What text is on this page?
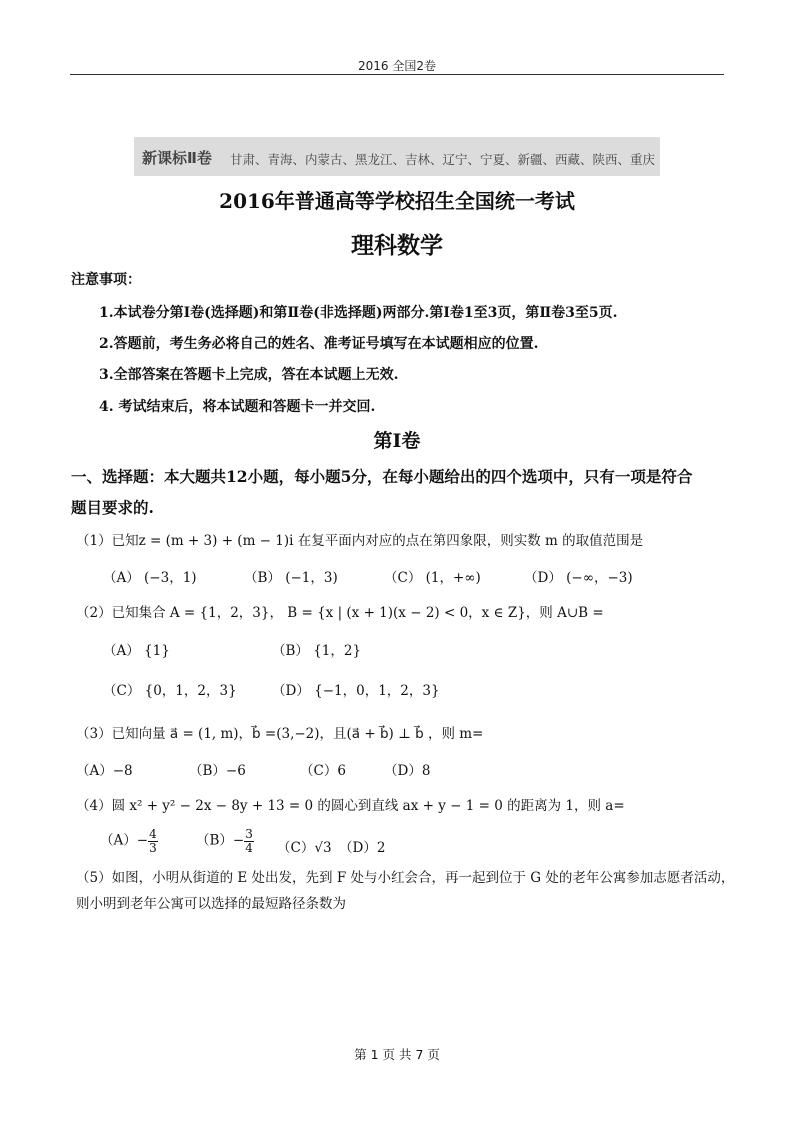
2016 全国2卷
新课标Ⅱ卷 甘肃、青海、内蒙古、黑龙江、吉林、辽宁、宁夏、新疆、西藏、陕西、重庆
2016年普通高等学校招生全国统一考试
理科数学
注意事项：
1.本试卷分第Ⅰ卷(选择题)和第Ⅱ卷(非选择题)两部分.第Ⅰ卷1至3页，第Ⅱ卷3至5页.
2.答题前，考生务必将自己的姓名、准考证号填写在本试题相应的位置.
3.全部答案在答题卡上完成，答在本试题上无效.
4. 考试结束后，将本试题和答题卡一并交回.
第Ⅰ卷
一、选择题：本大题共12小题，每小题5分，在每小题给出的四个选项中，只有一项是符合
题目要求的.
（1）已知z = (m + 3) + (m − 1)i 在复平面内对应的点在第四象限，则实数 m 的取值范围是
（A） (−3，1)	（B） (−1，3)	（C） (1，+∞)	（D） (−∞，−3)
（2）已知集合 A = {1，2，3}， B = {x | (x + 1)(x − 2) < 0，x ∈ Z}，则 A∪B =
（A） {1}	（B） {1，2}
（C） {0，1，2，3}	（D） {−1，0，1，2，3}
（3）已知向量 a⃗ = (1, m)，b⃗ =(3,−2)，且(a⃗ + b⃗) ⊥ b⃗ ，则 m=
（A）−8	（B）−6	（C）6	（D）8
（4）圆 x² + y² − 2x − 8y + 13 = 0 的圆心到直线 ax + y − 1 = 0 的距离为 1，则 a=
$(A)- \frac{4}{3}$	$(B)- \frac{3}{4} (C)√3$ （D）2
（5）如图，小明从街道的 E 处出发，先到 F 处与小红会合，再一起到位于 G 处的老年公寓参加志愿者活动，
则小明到老年公寓可以选择的最短路径条数为
第 1 页 共 7 页
